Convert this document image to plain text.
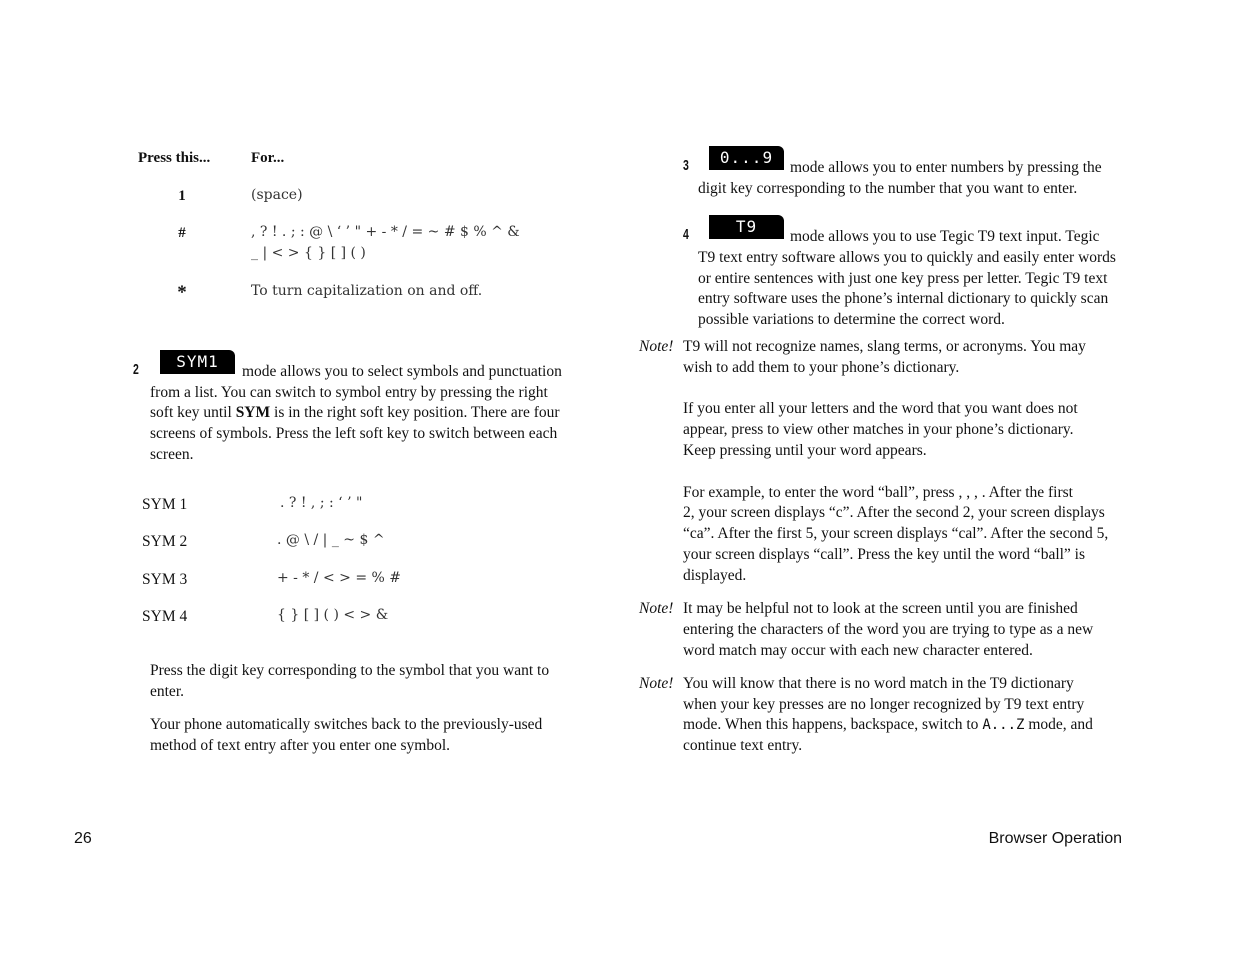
Press this...	For...
1	(space)
#	, ? ! . ; : @ \ ‘ ’ " + - * / = ~ # $ % ^ &
_ | < > { } [ ] ( )
*	To turn capitalization on and off.
2	SYM1
mode allows you to select symbols and punctuation
from a list. You can switch to symbol entry by pressing the right
soft key until SYM is in the right soft key position. There are four
screens of symbols. Press the left soft key to switch between each
screen.
SYM 1	. ? ! , ; : ‘ ’ "
SYM 2	. @ \ / | _ ~ $ ^
SYM 3	+ - * / < > = % #
SYM 4	{ } [ ] ( ) < > &
Press the digit key corresponding to the symbol that you want to
enter.
Your phone automatically switches back to the previously-used
method of text entry after you enter one symbol.
3	0...9
mode allows you to enter numbers by pressing the
digit key corresponding to the number that you want to enter.
4	T9
mode allows you to use Tegic T9 text input. Tegic
T9 text entry software allows you to quickly and easily enter words
or entire sentences with just one key press per letter. Tegic T9 text
entry software uses the phone’s internal dictionary to quickly scan
possible variations to determine the correct word.
Note! T9 will not recognize names, slang terms, or acronyms. You may
wish to add them to your phone’s dictionary.
If you enter all your letters and the word that you want does not
appear, press to view other matches in your phone’s dictionary.
Keep pressing until your word appears.
For example, to enter the word “ball”, press , , , . After the first
2, your screen displays “c”. After the second 2, your screen displays
“ca”. After the first 5, your screen displays “cal”. After the second 5,
your screen displays “call”. Press the key until the word “ball” is
displayed.
Note! It may be helpful not to look at the screen until you are finished
entering the characters of the word you are trying to type as a new
word match may occur with each new character entered.
Note! You will know that there is no word match in the T9 dictionary
when your key presses are no longer recognized by T9 text entry
mode. When this happens, backspace, switch to A...Z mode, and
continue text entry.
26	Browser Operation
